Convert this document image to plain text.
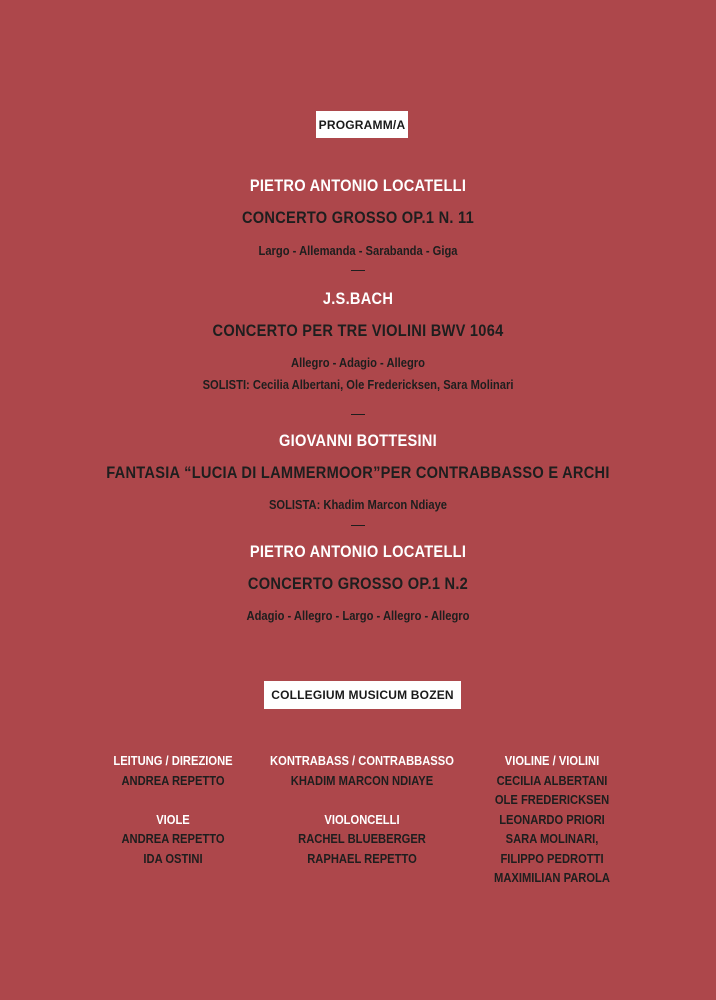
PROGRAMM/A
PIETRO ANTONIO LOCATELLI
CONCERTO GROSSO OP.1 N. 11
Largo - Allemanda - Sarabanda - Giga
J.S.BACH
CONCERTO PER TRE VIOLINI BWV 1064
Allegro - Adagio - Allegro
SOLISTI: Cecilia Albertani, Ole Fredericksen, Sara Molinari
GIOVANNI BOTTESINI
FANTASIA “LUCIA DI LAMMERMOOR”PER CONTRABBASSO E ARCHI
SOLISTA: Khadim Marcon Ndiaye
PIETRO ANTONIO LOCATELLI
CONCERTO GROSSO OP.1 N.2
Adagio - Allegro - Largo - Allegro - Allegro
COLLEGIUM MUSICUM BOZEN
LEITUNG / DIREZIONE
ANDREA REPETTO
VIOLE
ANDREA REPETTO
IDA OSTINI
KONTRABASS / CONTRABBASSO
KHADIM MARCON NDIAYE
VIOLONCELLI
RACHEL BLUEBERGER
RAPHAEL REPETTO
VIOLINE / VIOLINI
CECILIA ALBERTANI
OLE FREDERICKSEN
LEONARDO PRIORI
SARA MOLINARI,
FILIPPO PEDROTTI
MAXIMILIAN PAROLA
